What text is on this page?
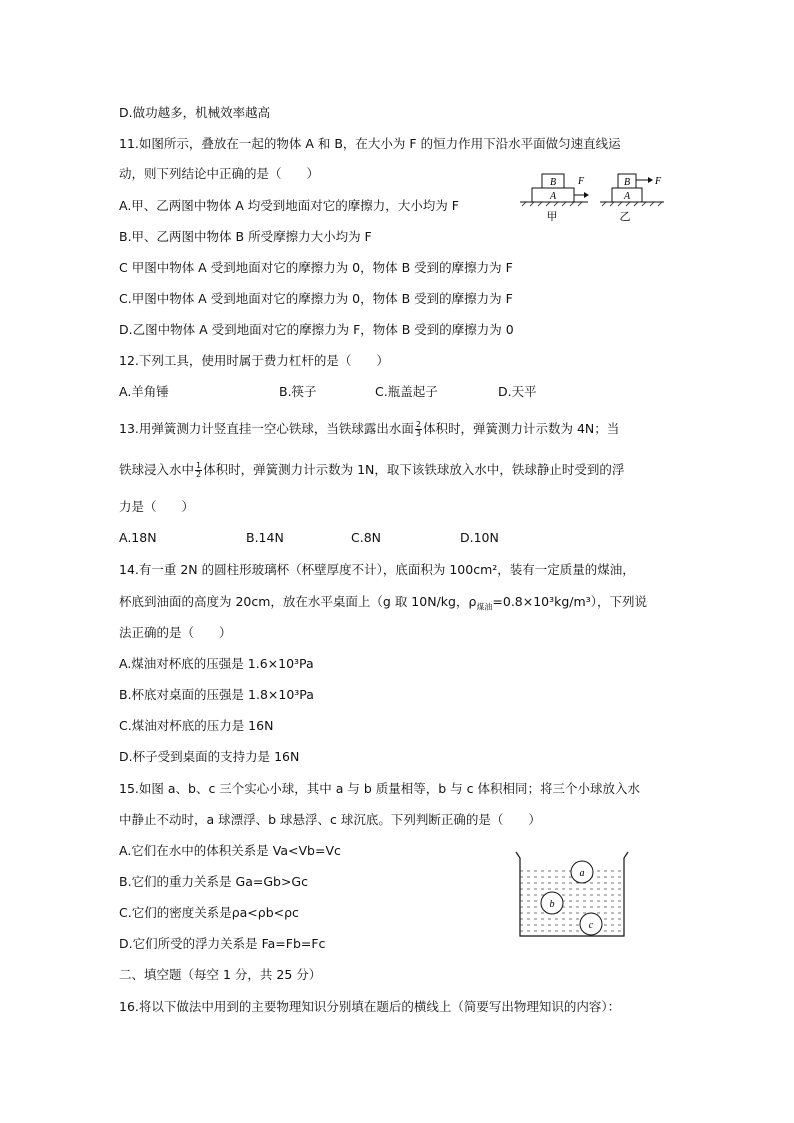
D.做功越多，机械效率越高
11.如图所示，叠放在一起的物体 A 和 B，在大小为 F 的恒力作用下沿水平面做匀速直线运
动，则下列结论中正确的是（　　）
A.甲、乙两图中物体 A 均受到地面对它的摩擦力，大小均为 F
B.甲、乙两图中物体 B 所受摩擦力大小均为 F
C 甲图中物体 A 受到地面对它的摩擦力为 0，物体 B 受到的摩擦力为 F
C.甲图中物体 A 受到地面对它的摩擦力为 0，物体 B 受到的摩擦力为 F
D.乙图中物体 A 受到地面对它的摩擦力为 F，物体 B 受到的摩擦力为 0
B
A
F
甲
B
A
F
乙
12.下列工具，使用时属于费力杠杆的是（　　）
A.羊角锤	B.筷子	C.瓶盖起子	D.天平
13.用弹簧测力计竖直挂一空心铁球，当铁球露出水面 $\frac{2}{3}$ 体积时，弹簧测力计示数为 4N；当
铁球浸入水中 $\frac{1}{2}$ 体积时，弹簧测力计示数为 1N，取下该铁球放入水中，铁球静止时受到的浮
力是（　　）
A.18N	B.14N	C.8N	D.10N
14.有一重 2N 的圆柱形玻璃杯（杯壁厚度不计），底面积为 100cm²，装有一定质量的煤油，
杯底到油面的高度为 20cm，放在水平桌面上（g 取 10N/kg，$\rho_{煤油}=0.8\times 10^3kg/m^3$），下列说
法正确的是（　　）
A.煤油对杯底的压强是 1.6×10³Pa
B.杯底对桌面的压强是 1.8×10³Pa
C.煤油对杯底的压力是 16N
D.杯子受到桌面的支持力是 16N
15.如图 a、b、c 三个实心小球，其中 a 与 b 质量相等，b 与 c 体积相同；将三个小球放入水
中静止不动时，a 球漂浮、b 球悬浮、c 球沉底。下列判断正确的是（　　）
A.它们在水中的体积关系是 Va<Vb=Vc
B.它们的重力关系是 Ga=Gb>Gc
C.它们的密度关系是ρa<ρb<ρc
D.它们所受的浮力关系是 Fa=Fb=Fc
a
b
c
二、填空题（每空 1 分，共 25 分）
16.将以下做法中用到的主要物理知识分别填在题后的横线上（简要写出物理知识的内容）：
